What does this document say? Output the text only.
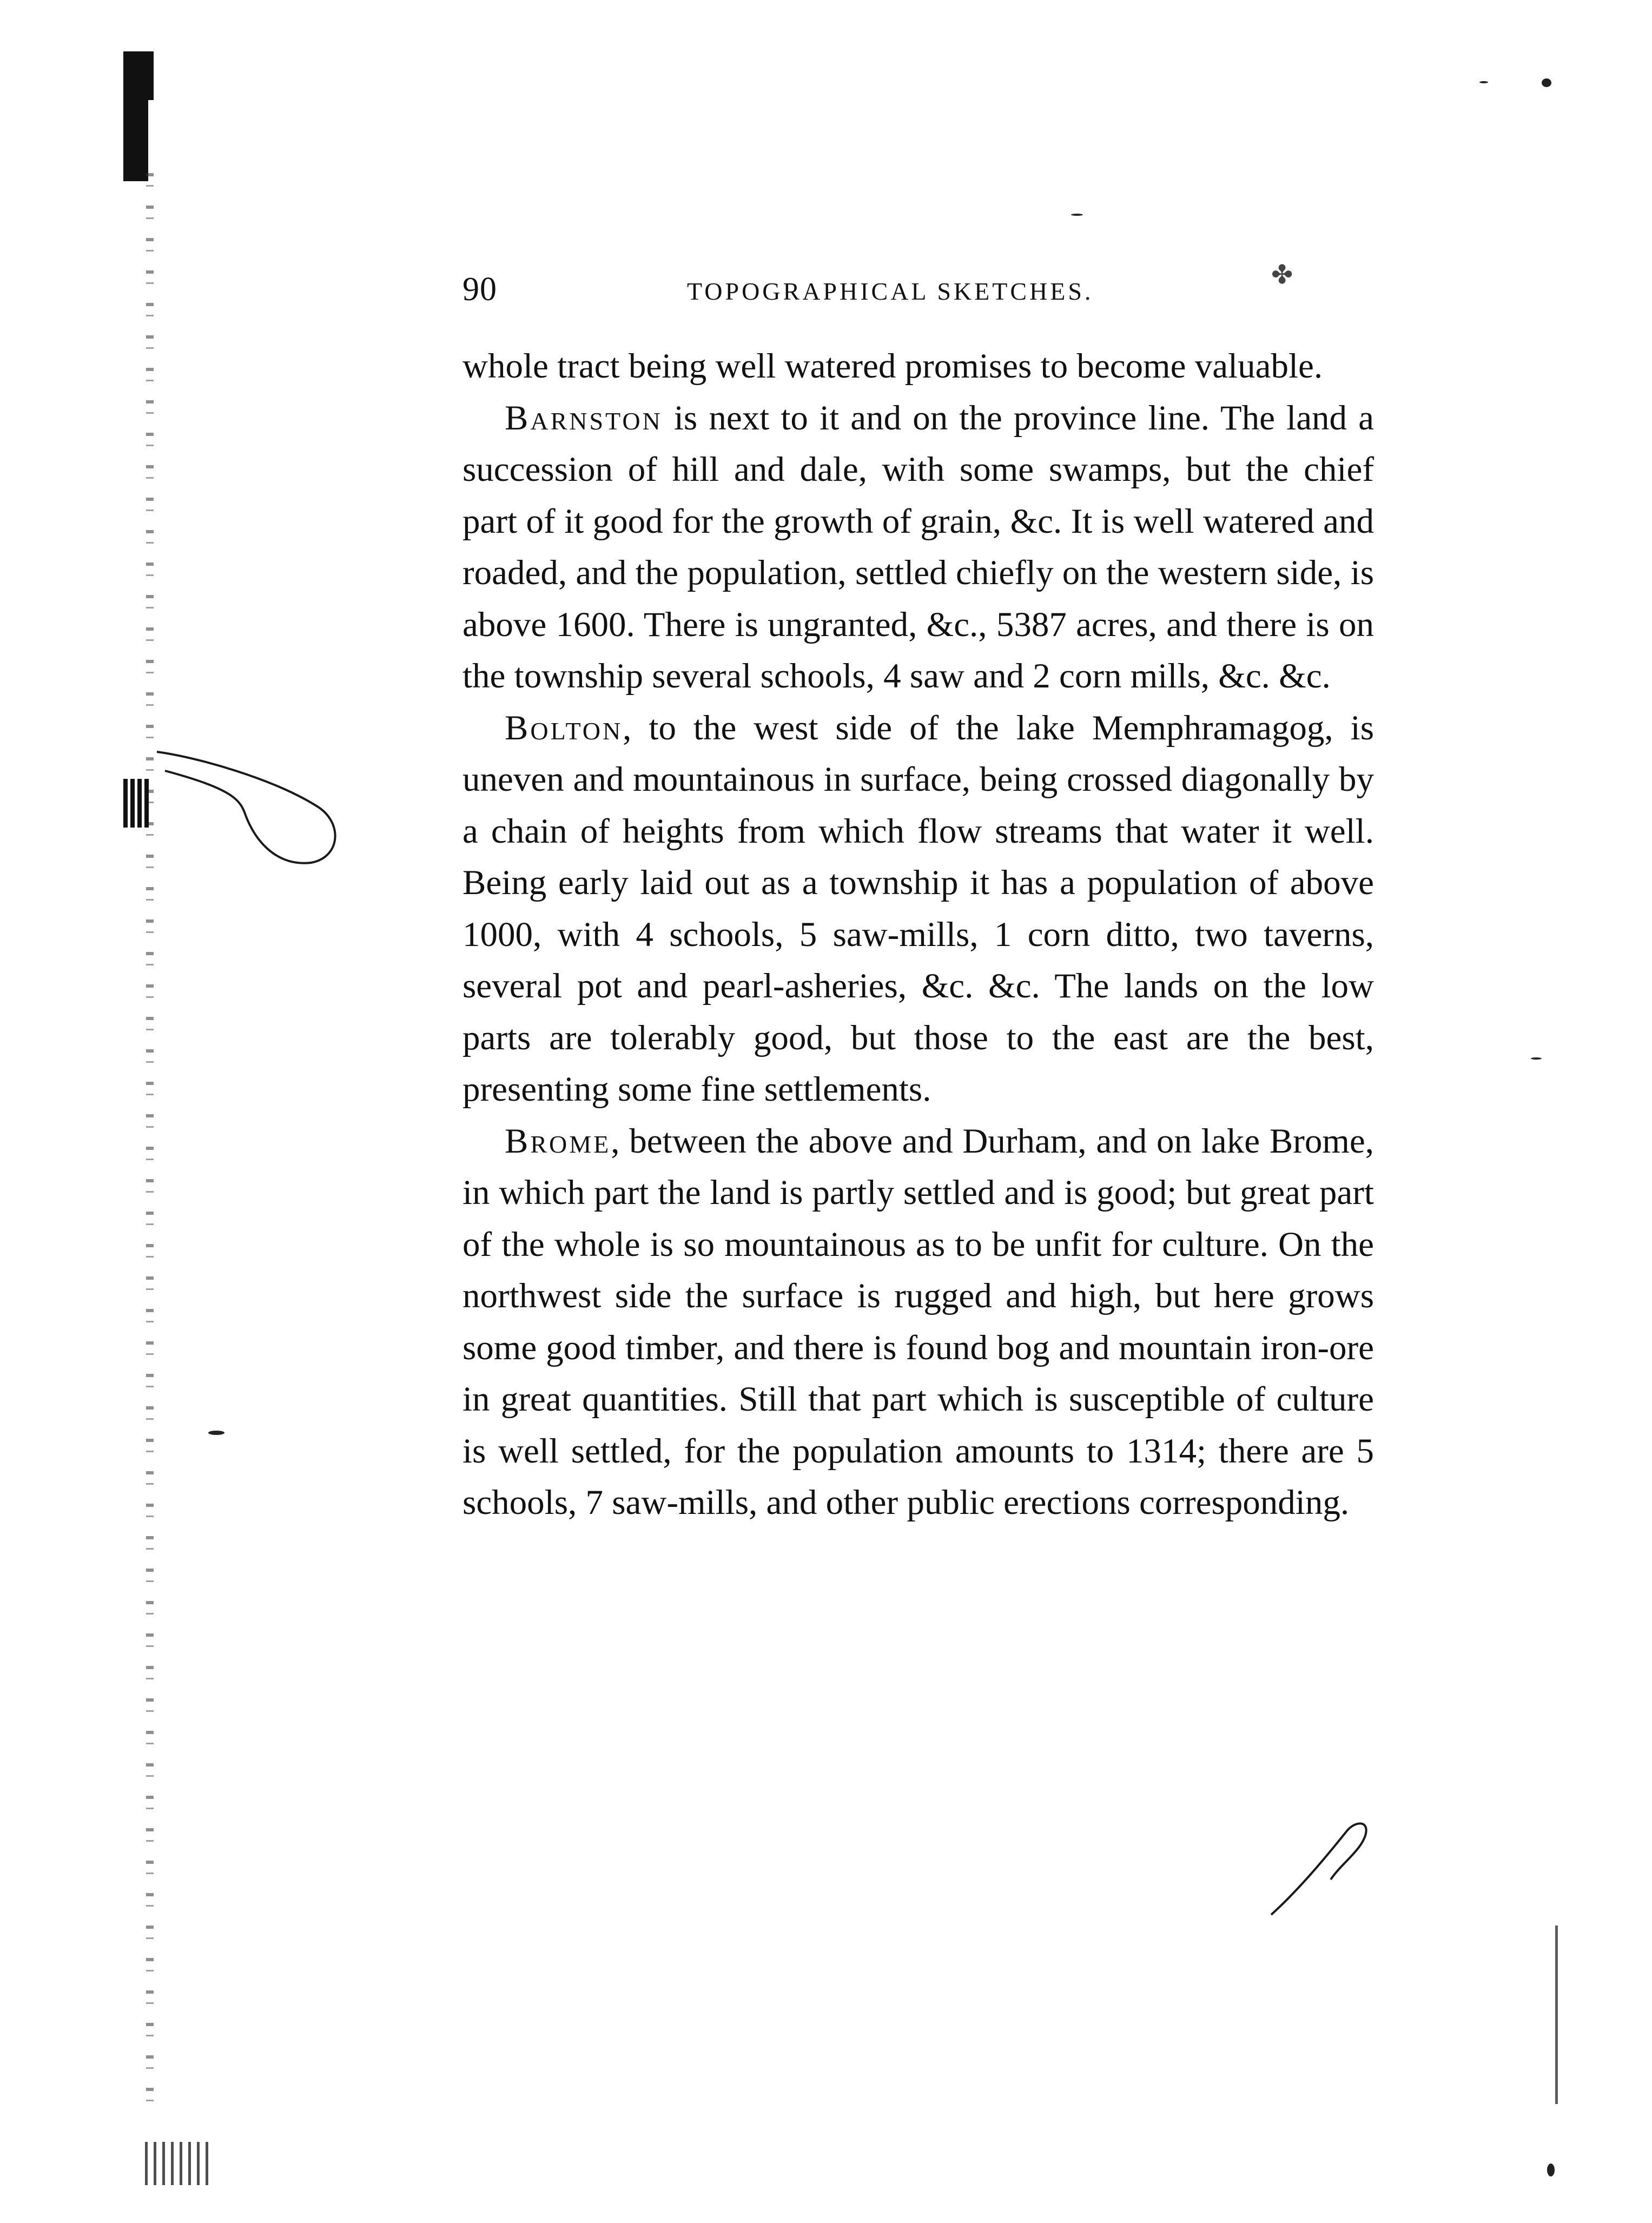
90	TOPOGRAPHICAL SKETCHES.
✤

whole tract being well watered promises to become valuable.

Barnston is next to it and on the province line. The land a succession of hill and dale, with some swamps, but the chief part of it good for the growth of grain, &c. It is well watered and roaded, and the population, settled chiefly on the western side, is above 1600. There is ungranted, &c., 5387 acres, and there is on the township several schools, 4 saw and 2 corn mills, &c. &c.

Bolton, to the west side of the lake Memphramagog, is uneven and mountainous in surface, being crossed diagonally by a chain of heights from which flow streams that water it well. Being early laid out as a township it has a population of above 1000, with 4 schools, 5 saw-mills, 1 corn ditto, two taverns, several pot and pearl-asheries, &c. &c. The lands on the low parts are tolerably good, but those to the east are the best, presenting some fine settlements.

Brome, between the above and Durham, and on lake Brome, in which part the land is partly settled and is good; but great part of the whole is so mountainous as to be unfit for culture. On the northwest side the surface is rugged and high, but here grows some good timber, and there is found bog and mountain iron-ore in great quantities. Still that part which is susceptible of culture is well settled, for the population amounts to 1314; there are 5 schools, 7 saw-mills, and other public erections corresponding.
